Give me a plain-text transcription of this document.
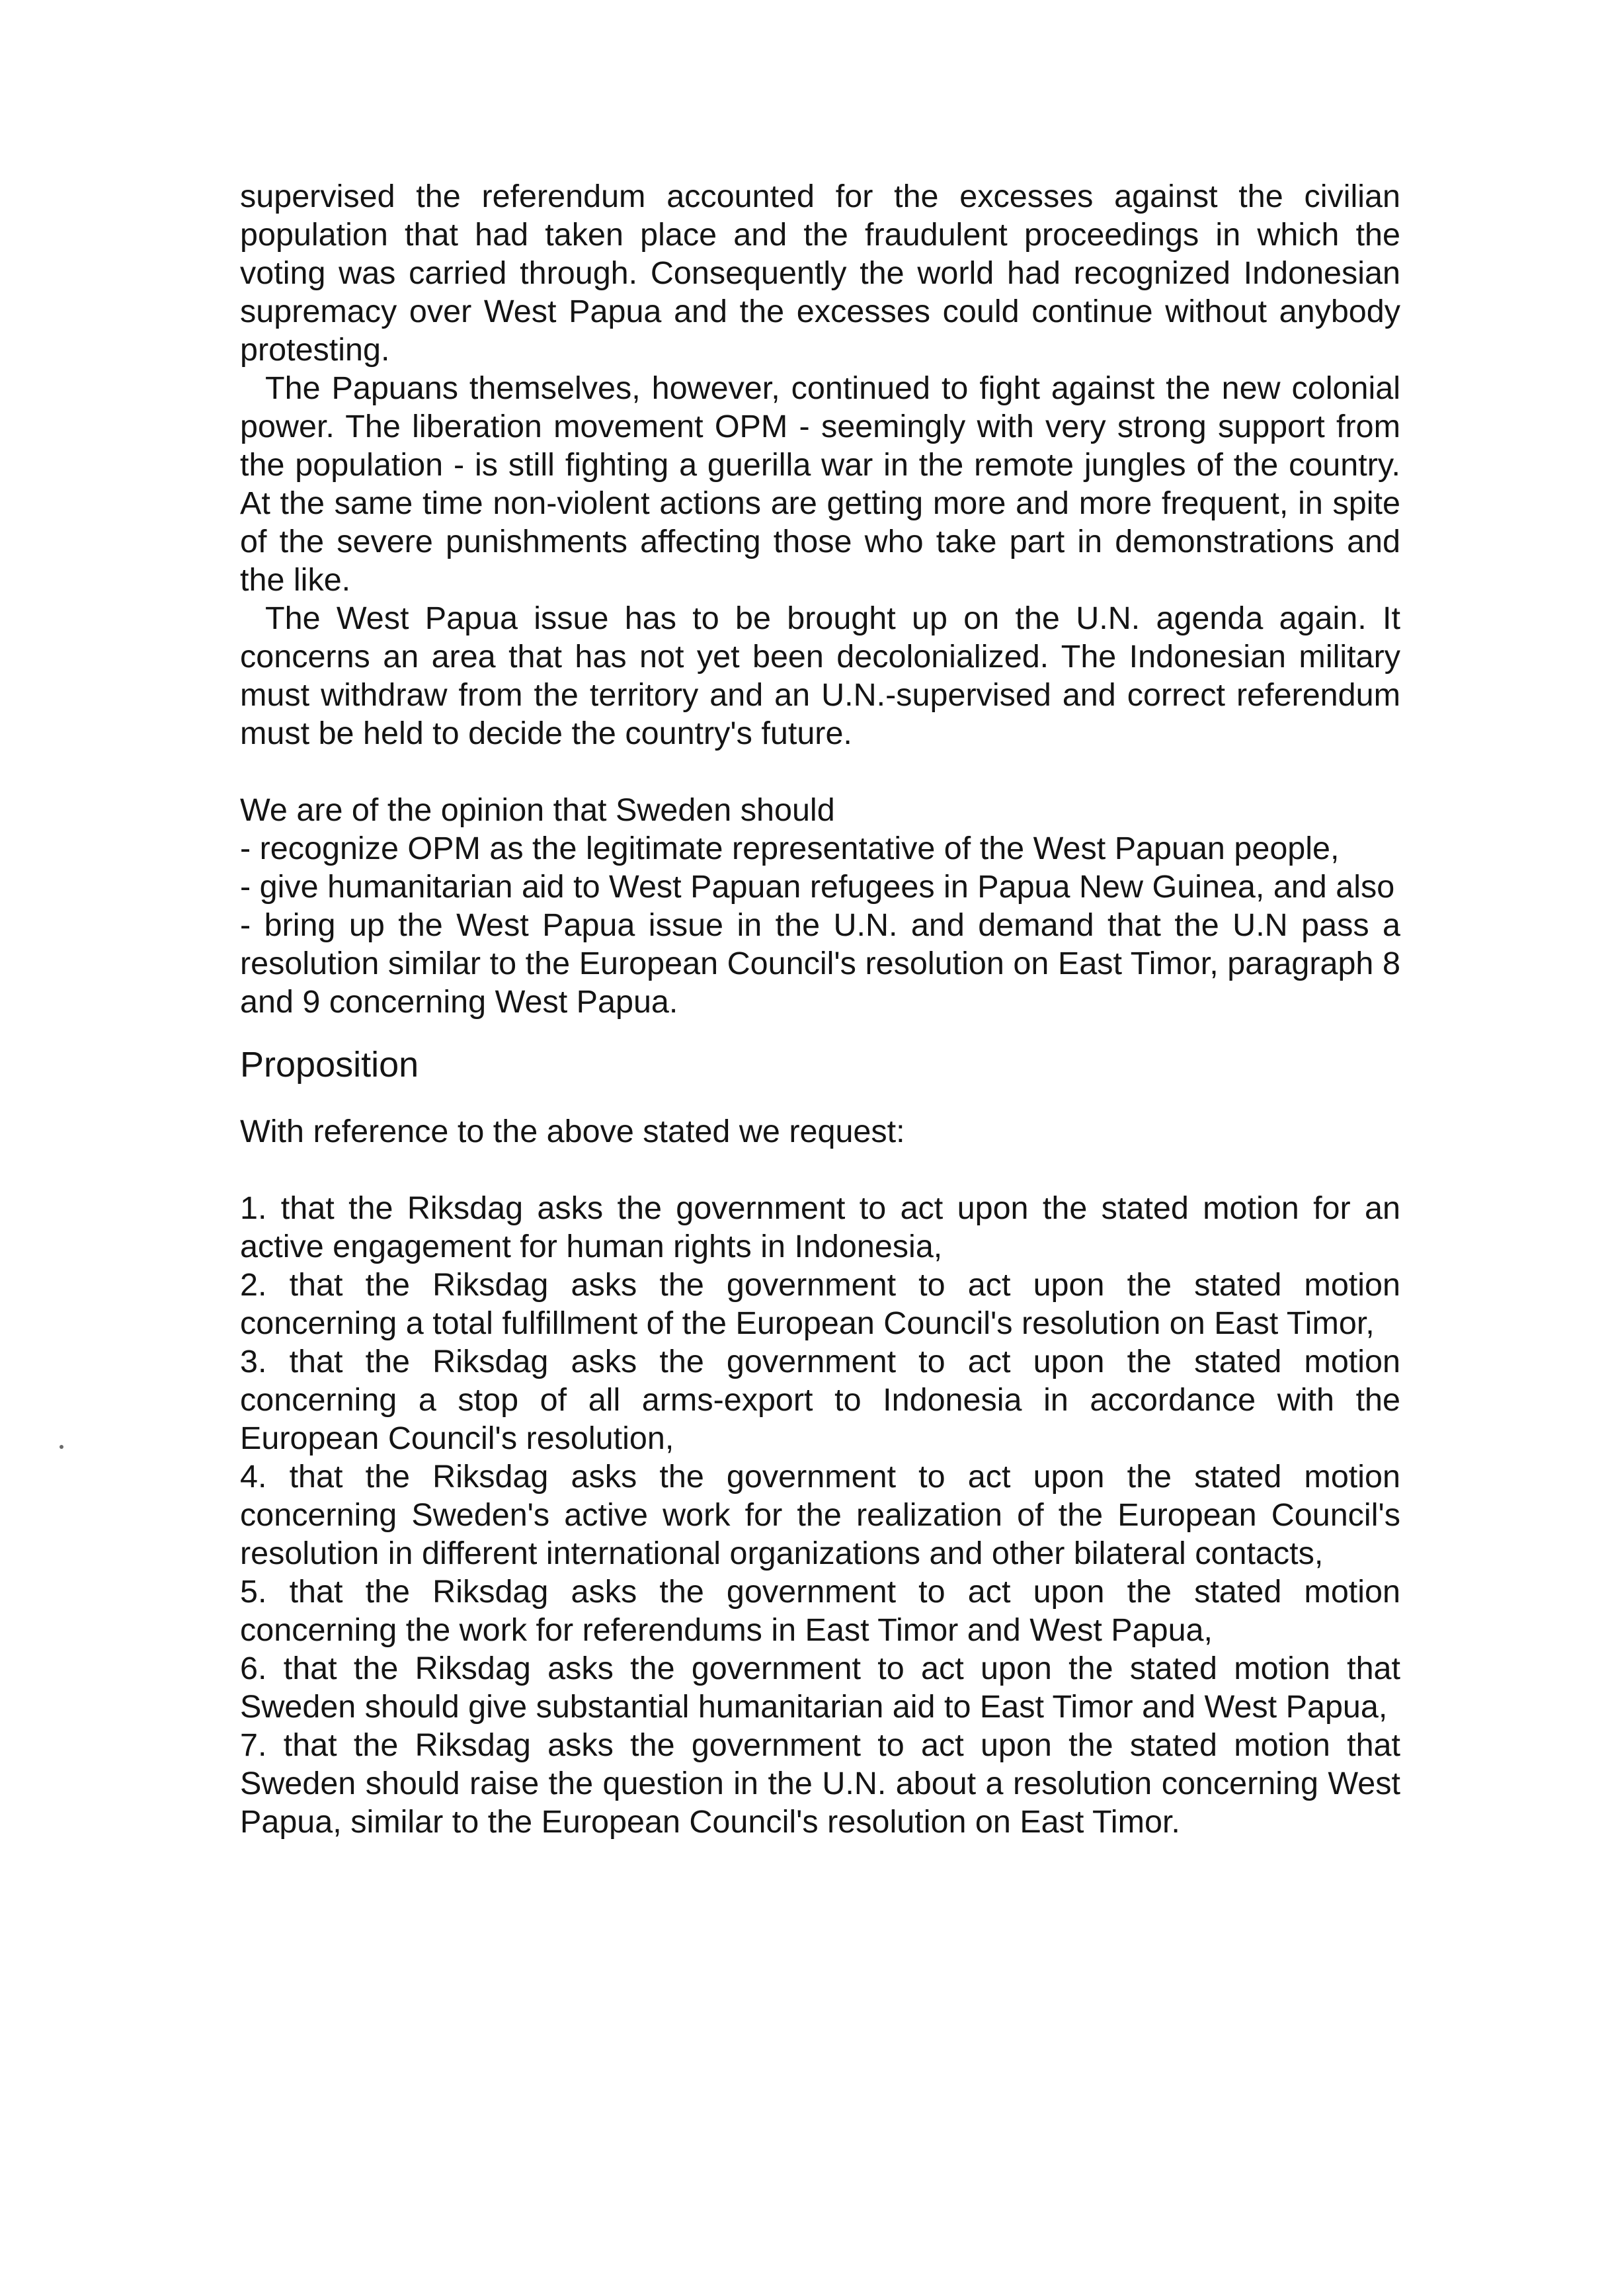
supervised the referendum accounted for the excesses against the civilian population that had taken place and the fraudulent proceedings in which the voting was carried through. Consequently the world had recognized Indonesian supremacy over West Papua and the excesses could continue without anybody protesting.

The Papuans themselves, however, continued to fight against the new colonial power. The liberation movement OPM - seemingly with very strong support from the population - is still fighting a guerilla war in the remote jungles of the country. At the same time non-violent actions are getting more and more frequent, in spite of the severe punishments affecting those who take part in demonstrations and the like.

The West Papua issue has to be brought up on the U.N. agenda again. It concerns an area that has not yet been decolonialized. The Indonesian military must withdraw from the territory and an U.N.-supervised and correct referendum must be held to decide the country's future.

We are of the opinion that Sweden should

- recognize OPM as the legitimate representative of the West Papuan people,

- give humanitarian aid to West Papuan refugees in Papua New Guinea, and also

- bring up the West Papua issue in the U.N. and demand that the U.N pass a resolution similar to the European Council's resolution on East Timor, paragraph 8 and 9 concerning West Papua.

Proposition

With reference to the above stated we request:

1. that the Riksdag asks the government to act upon the stated motion for an active engagement for human rights in Indonesia,

2. that the Riksdag asks the government to act upon the stated motion concerning a total fulfillment of the European Council's resolution on East Timor,

3. that the Riksdag asks the government to act upon the stated motion concerning a stop of all arms-export to Indonesia in accordance with the European Council's resolution,

4. that the Riksdag asks the government to act upon the stated motion concerning Sweden's active work for the realization of the European Council's resolution in different international organizations and other bilateral contacts,

5. that the Riksdag asks the government to act upon the stated motion concerning the work for referendums in East Timor and West Papua,

6. that the Riksdag asks the government to act upon the stated motion that Sweden should give substantial humanitarian aid to East Timor and West Papua,

7. that the Riksdag asks the government to act upon the stated motion that Sweden should raise the question in the U.N. about a resolution concerning West Papua, similar to the European Council's resolution on East Timor.
